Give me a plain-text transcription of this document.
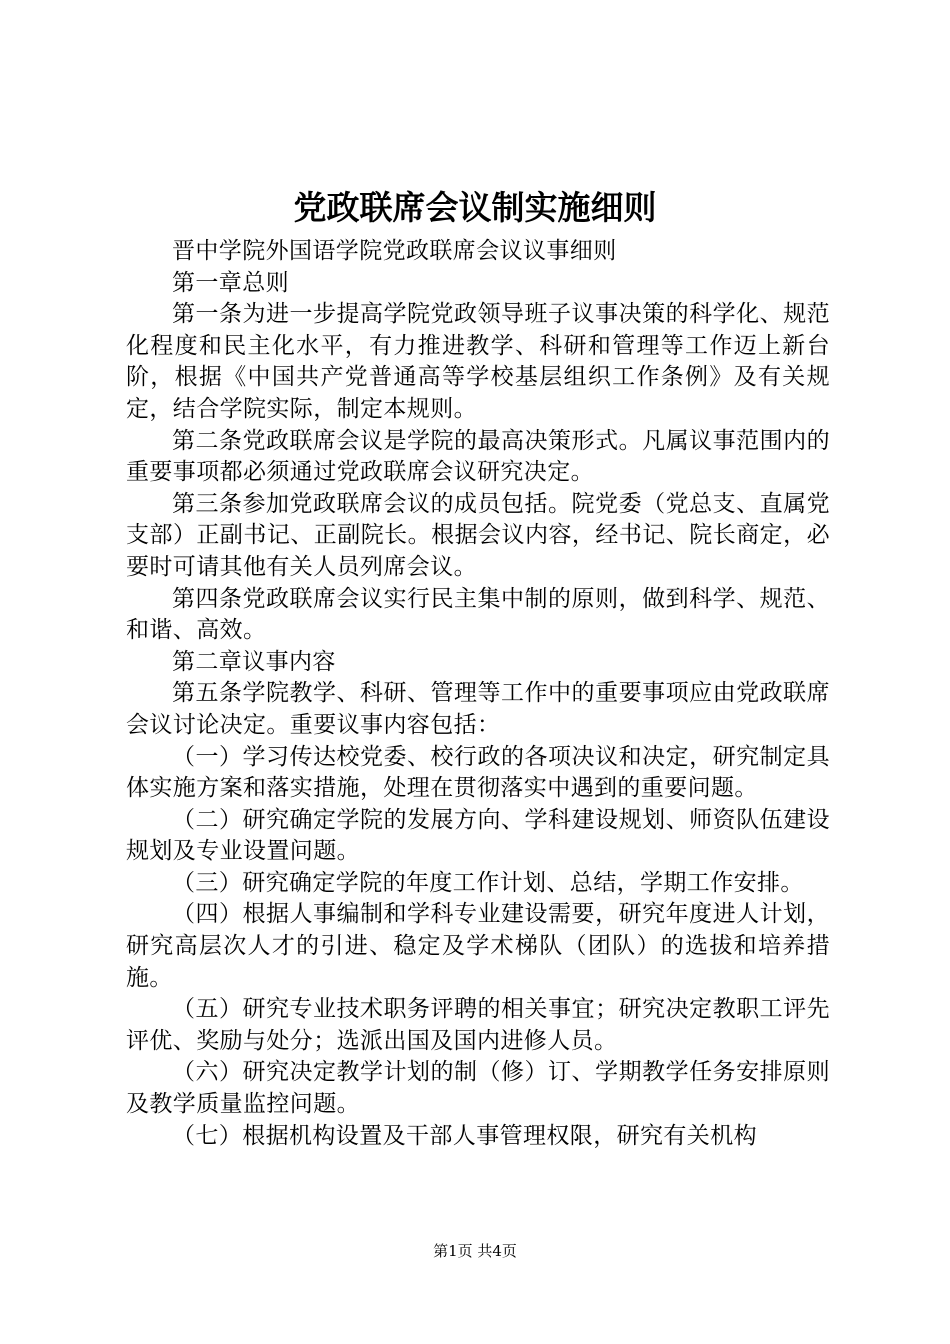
党政联席会议制实施细则

晋中学院外国语学院党政联席会议议事细则

第一章总则

第一条为进一步提高学院党政领导班子议事决策的科学化、规范化程度和民主化水平，有力推进教学、科研和管理等工作迈上新台阶，根据《中国共产党普通高等学校基层组织工作条例》及有关规定，结合学院实际，制定本规则。

第二条党政联席会议是学院的最高决策形式。凡属议事范围内的重要事项都必须通过党政联席会议研究决定。

第三条参加党政联席会议的成员包括。院党委（党总支、直属党支部）正副书记、正副院长。根据会议内容，经书记、院长商定，必要时可请其他有关人员列席会议。

第四条党政联席会议实行民主集中制的原则，做到科学、规范、和谐、高效。

第二章议事内容

第五条学院教学、科研、管理等工作中的重要事项应由党政联席会议讨论决定。重要议事内容包括：

（一）学习传达校党委、校行政的各项决议和决定，研究制定具体实施方案和落实措施，处理在贯彻落实中遇到的重要问题。

（二）研究确定学院的发展方向、学科建设规划、师资队伍建设规划及专业设置问题。

（三）研究确定学院的年度工作计划、总结，学期工作安排。

（四）根据人事编制和学科专业建设需要，研究年度进人计划，研究高层次人才的引进、稳定及学术梯队（团队）的选拔和培养措施。

（五）研究专业技术职务评聘的相关事宜；研究决定教职工评先评优、奖励与处分；选派出国及国内进修人员。

（六）研究决定教学计划的制（修）订、学期教学任务安排原则及教学质量监控问题。

（七）根据机构设置及干部人事管理权限，研究有关机构

第1页 共4页
